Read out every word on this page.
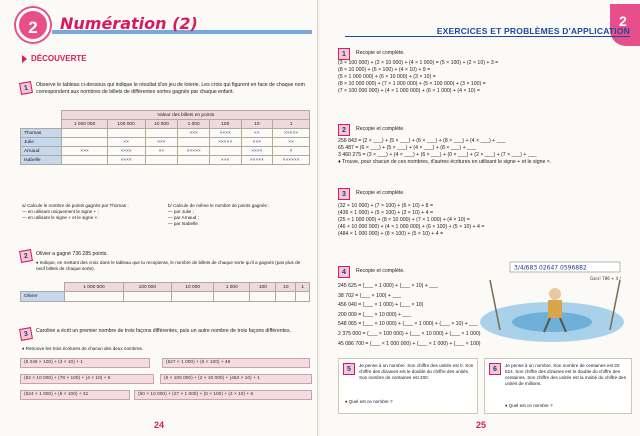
2	Numération (2)
DÉCOUVERTE
1	Observe le tableau ci-dessous qui indique le résultat d'un jeu de loterie. Les croix qui figurent en face de chaque nom correspondent aux nombres de billets de différentes sortes gagnés par chaque enfant.
	Valeur des billets en points						
	1 000 000	100 000	10 000	1 000	100	10	1
Thomas				×××	××××	××	×××××
Julie		××	×××		×××××	×××	××
Arnaud	×××	××××	××	×××××		××××	×
Isabelle		××××			×××	×××××	××××××
a/ Calcule le nombre de points gagnés par Thomas :
— en utilisant uniquement le signe + ;
— en utilisant le signe + et le signe ×.
b/ Calcule de même le nombre de points gagnés :
— par Julie ;
— par Arnaud ;
— par Isabelle.
2	Olivier a gagné 736 285 points.
♦ Indique, en mettant des croix dans le tableau que tu recopieras, le nombre de billets de chaque sorte qu'il a gagnés (pas plus de neuf billets de chaque sorte).
	1 000 000	100 000	10 000	1 000	100	10	1
Olivier							
3	Caroline a écrit un premier nombre de trois façons différentes, puis un autre nombre de trois façons différentes.
♦ Retrouve les trois écritures de chacun des deux nombres.
(5 246 × 100) + (3 × 10) + 1	(527 × 1 000) + (6 × 100) + 46
(52 × 10 000) + (78 × 100) + (4 × 10) + 6	(5 × 100 000) + (2 × 10 000) + (463 × 10) + 1
(524 × 1 000) + (6 × 100) + 31	(50 × 10 000) + (27 × 1 000) + (6 × 100) + (4 × 10) + 6
24
2
EXERCICES ET PROBLÈMES D'APPLICATION
1	Recopie et complète.
(3 × 100 000) + (2 × 10 000) + (4 × 1 000) = (5 × 100) + (2 × 10) + 3 =
(8 × 10 000) + (6 × 100) + (4 × 10) + 9 =
(5 × 1 000 000) + (6 × 10 000) + (3 × 10) =
(8 × 10 000 000) + (7 × 1 000 000) + (5 × 100 000) + (3 × 100) =
(7 × 100 000 000) + (4 × 1 000 000) + (6 × 1 000) + (4 × 10) =
2	Recopie et complète.
256 843 = (2 × ___) + (5 × ___) + (6 × ___) + (8 × ___) + (4 × ___) + ___
65 487 = (6 × ___) + (5 × ___) + (4 × ___) + (8 × ___) + ___
3 460 275 = (3 × ___) + (4 × ___) + (6 × ___) + (0 × ___) + (2 × ___) + (7 × ___) + ___
♦ Trouve, pour chacun de ces nombres, d'autres écritures en utilisant le signe + et le signe ×.
3	Recopie et complète.
(32 × 10 000) + (7 × 100) + (6 × 10) + 8 =
(436 × 1 000) + (5 × 100) + (2 × 10) + 4 =
(25 × 1 000 000) + (8 × 10 000) + (7 × 1 000) + (4 × 10) =
(46 × 10 000 000) + (4 × 1 000 000) + (6 × 100) + (5 × 10) + 4 =
(484 × 1 000 000) + (8 × 100) + (5 × 10) + 4 =
4	Recopie et complète.	3/4/683 02647 0596882
Gars! 786 + 4 /
245 625 = (___ × 1 000) + (___ × 10) + ___
38 702 = (___ × 100) + ___
456 040 = (___ × 1 000) + (___ × 10)
200 009 = (___ × 10 000) + ___
548 065 = (___ × 10 000) + (___ × 1 000) + (___ × 10) + ___
2 375 000 = (___ × 100 000) + (___ × 10 000) + (___ × 1 000)
45 086 700 = (___ × 1 000 000) + (___ × 1 000) + (___ × 100)
5
Je pense à un nombre. Son chiffre des unités est 0. Son chiffre des dizaines est le double du chiffre des unités. Son nombre de centaines est 200.
♦ Quel est ce nombre ?
6
Je pense à un nombre. Son nombre de centaines est 20 624. Son chiffre des dizaines est le double du chiffre des centaines. Son chiffre des unités est la moitié du chiffre des unités de millions.
♦ Quel est ce nombre ?
25
